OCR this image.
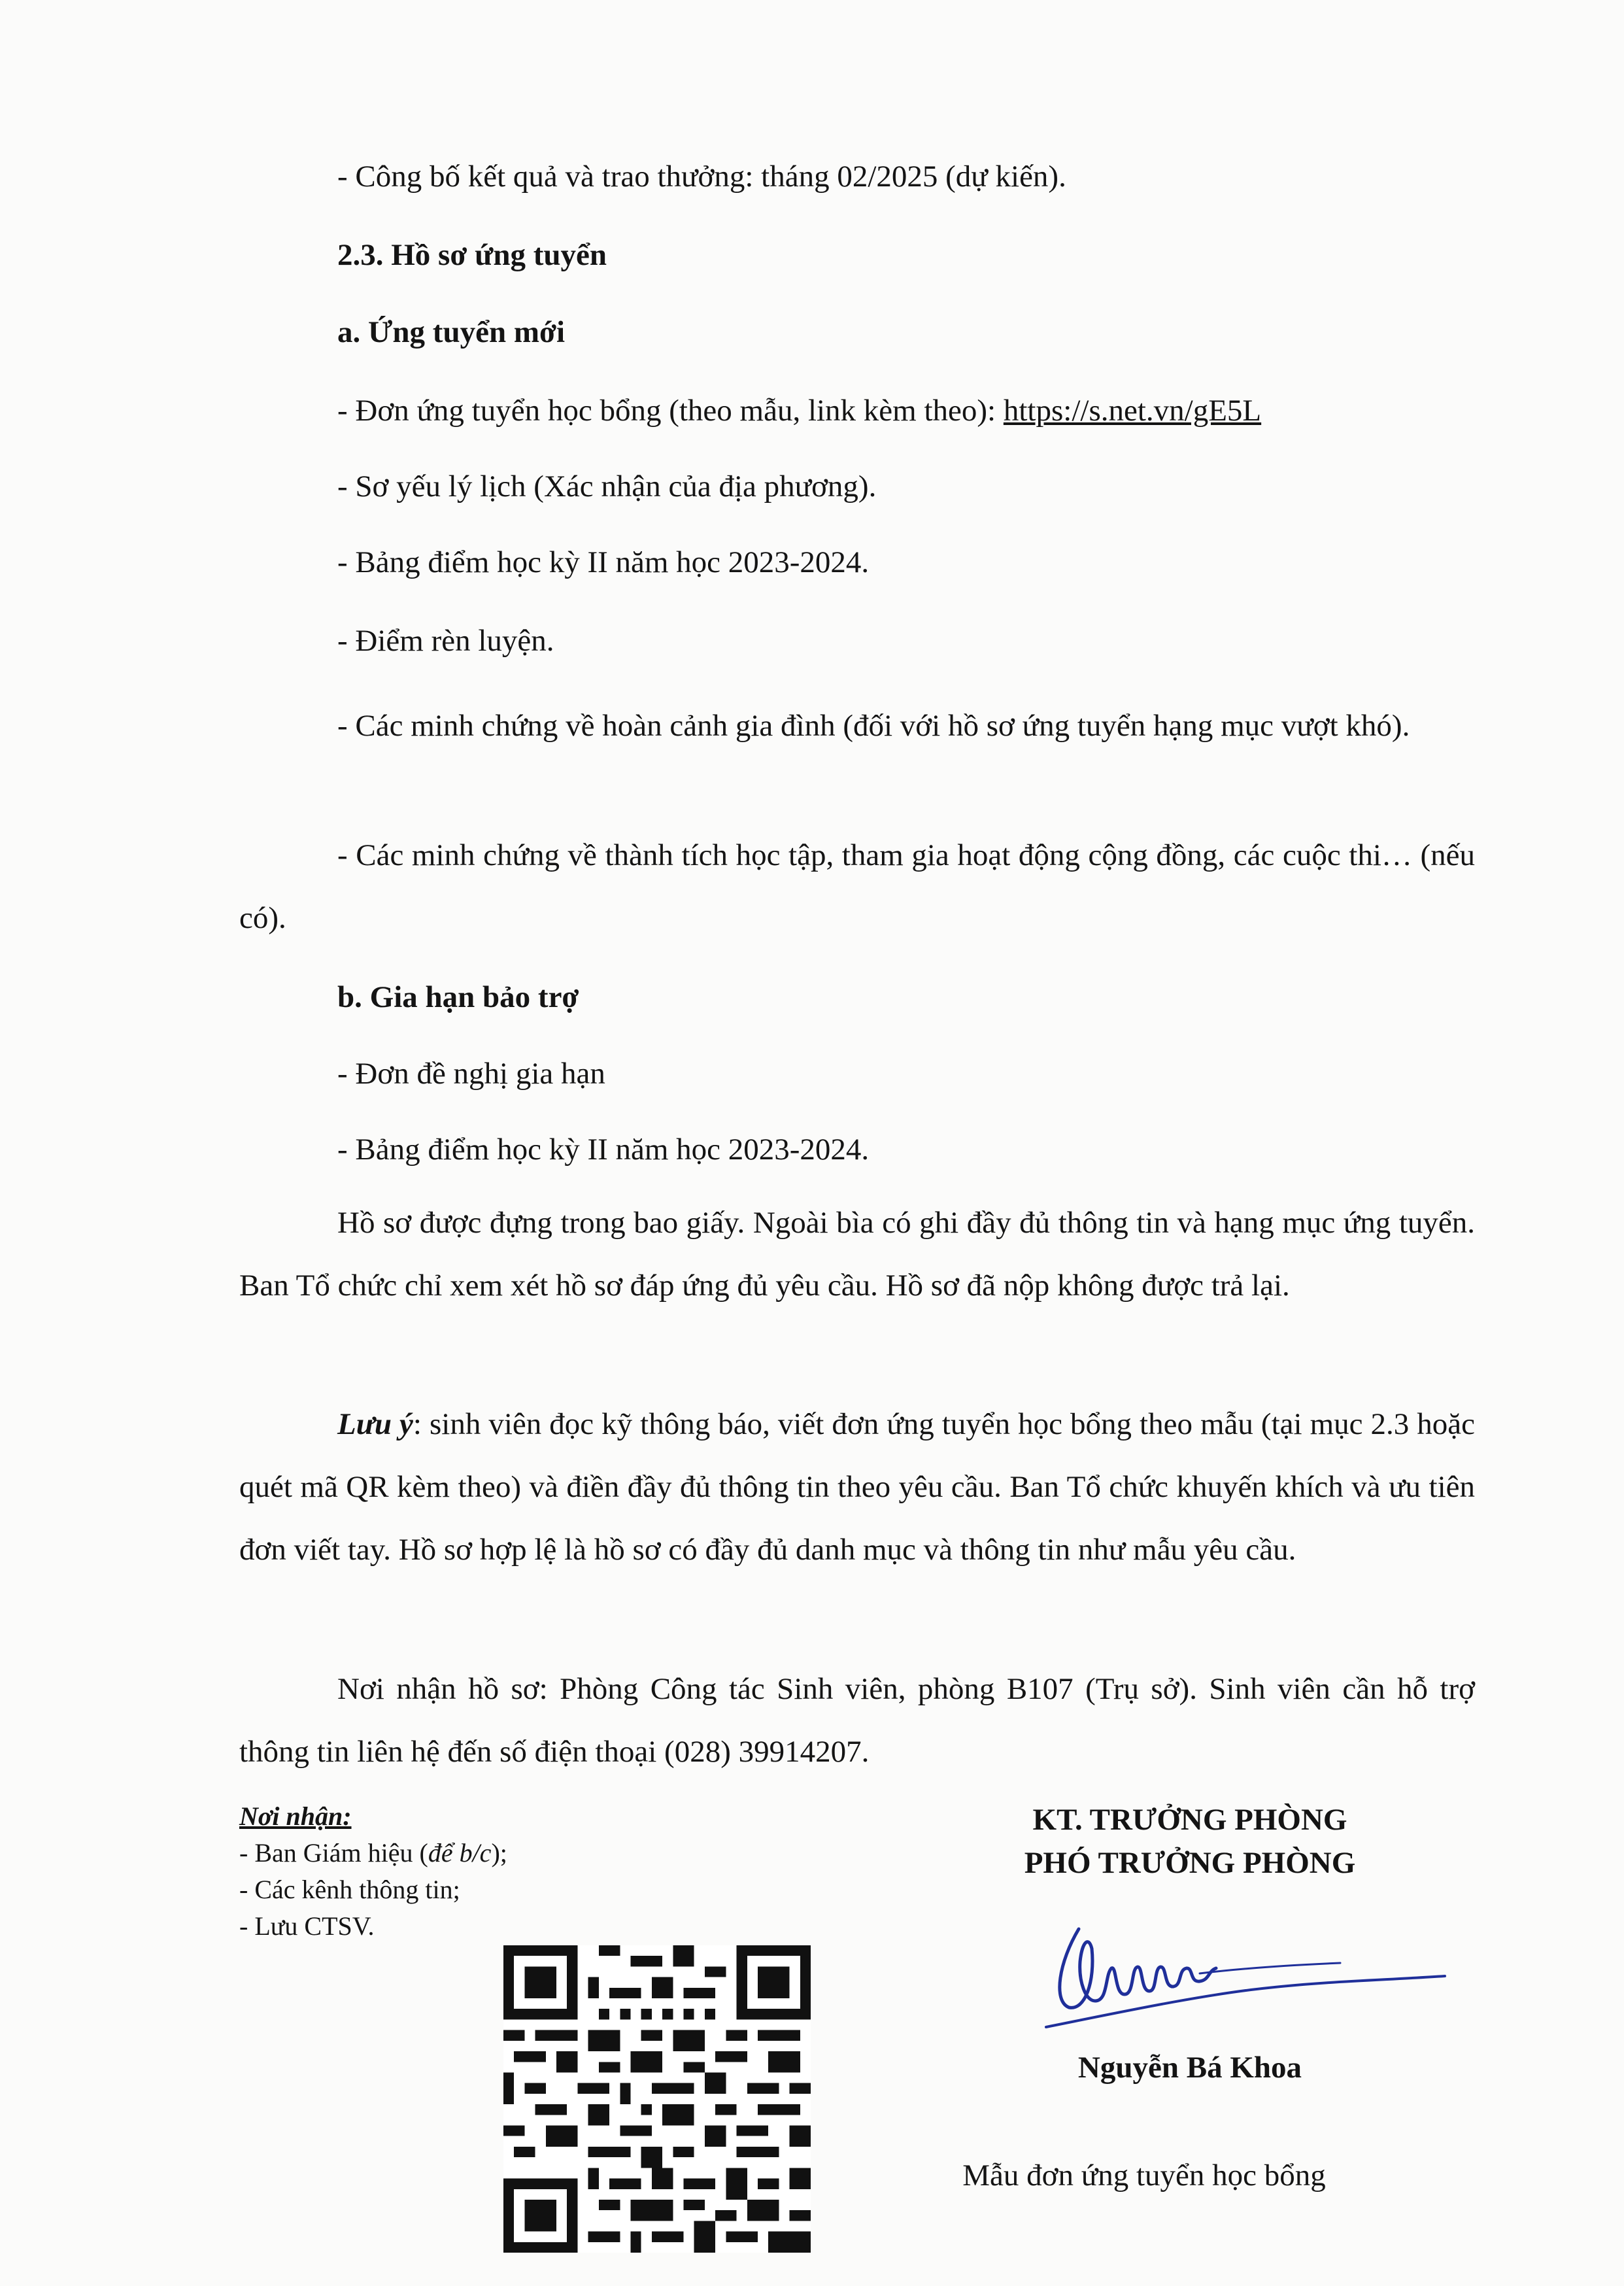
- Công bố kết quả và trao thưởng: tháng 02/2025 (dự kiến).
2.3. Hồ sơ ứng tuyển
a. Ứng tuyển mới
- Đơn ứng tuyển học bổng (theo mẫu, link kèm theo): https://s.net.vn/gE5L
- Sơ yếu lý lịch (Xác nhận của địa phương).
- Bảng điểm học kỳ II năm học 2023-2024.
- Điểm rèn luyện.

- Các minh chứng về hoàn cảnh gia đình (đối với hồ sơ ứng tuyển hạng mục vượt khó).

- Các minh chứng về thành tích học tập, tham gia hoạt động cộng đồng, các cuộc thi… (nếu có).

b. Gia hạn bảo trợ
- Đơn đề nghị gia hạn
- Bảng điểm học kỳ II năm học 2023-2024.

Hồ sơ được đựng trong bao giấy. Ngoài bìa có ghi đầy đủ thông tin và hạng mục ứng tuyển. Ban Tổ chức chỉ xem xét hồ sơ đáp ứng đủ yêu cầu. Hồ sơ đã nộp không được trả lại.

Lưu ý: sinh viên đọc kỹ thông báo, viết đơn ứng tuyển học bổng theo mẫu (tại mục 2.3 hoặc quét mã QR kèm theo) và điền đầy đủ thông tin theo yêu cầu. Ban Tổ chức khuyến khích và ưu tiên đơn viết tay. Hồ sơ hợp lệ là hồ sơ có đầy đủ danh mục và thông tin như mẫu yêu cầu.

Nơi nhận hồ sơ: Phòng Công tác Sinh viên, phòng B107 (Trụ sở). Sinh viên cần hỗ trợ thông tin liên hệ đến số điện thoại (028) 39914207.

Nơi nhận:
- Ban Giám hiệu (để b/c);
- Các kênh thông tin;
- Lưu CTSV.
KT. TRƯỞNG PHÒNG
PHÓ TRƯỞNG PHÒNG
Nguyễn Bá Khoa
Mẫu đơn ứng tuyển học bổng
